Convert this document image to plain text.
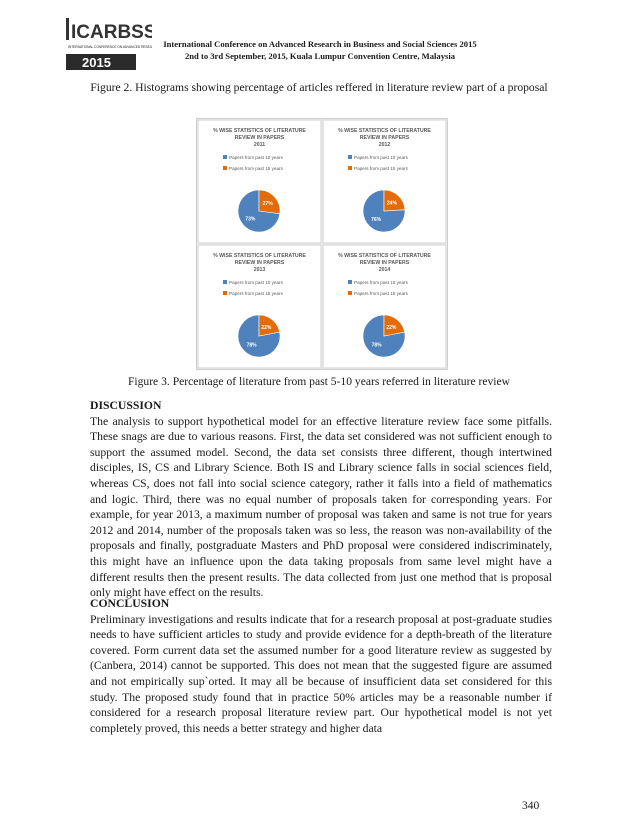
ICARBSS
INTERNATIONAL CONFERENCE ON ADVANCED RESEA
2015
International Conference on Advanced Research in Business and Social Sciences 2015
2nd to 3rd September, 2015, Kuala Lumpur Convention Centre, Malaysia
Figure 2. Histograms showing percentage of articles reffered in literature review part of a proposal
% WISE STATISTICS OF LITERATURE
REVIEW IN PAPERS
2011
Papers from past 10 years
Papers from past 15 years
73%
27%
% WISE STATISTICS OF LITERATURE
REVIEW IN PAPERS
2012
Papers from past 10 years
Papers from past 15 years
76%
24%
% WISE STATISTICS OF LITERATURE
REVIEW IN PAPERS
2013
Papers from past 10 years
Papers from past 15 years
78%
22%
% WISE STATISTICS OF LITERATURE
REVIEW IN PAPERS
2014
Papers from past 10 years
Papers from past 15 years
78%
22%
Figure 3. Percentage of literature from past 5-10 years referred in literature review
DISCUSSION

The analysis to support hypothetical model for an effective literature review face some pitfalls. These snags are due to various reasons. First, the data set considered was not sufficient enough to support the assumed model. Second, the data set consists three different, though intertwined disciples, IS, CS and Library Science. Both IS and Library science falls in social sciences field, whereas CS, does not fall into social science category, rather it falls into a field of mathematics and logic. Third, there was no equal number of proposals taken for corresponding years. For example, for year 2013, a maximum number of proposal was taken and same is not true for years 2012 and 2014, number of the proposals taken was so less, the reason was non-availability of the proposals and finally, postgraduate Masters and PhD proposal were considered indiscriminately, this might have an influence upon the data taking proposals from same level might have a different results then the present results. The data collected from just one method that is proposal only might have effect on the results.

CONCLUSION

Preliminary investigations and results indicate that for a research proposal at post-graduate studies needs to have sufficient articles to study and provide evidence for a depth-breath of the literature covered. Form current data set the assumed number for a good literature review as suggested by (Canbera, 2014) cannot be supported. This does not mean that the suggested figure are assumed and not empirically sup`orted. It may all be because of insufficient data set considered for this study. The proposed study found that in practice 50% articles may be a reasonable number if considered for a research proposal literature review part. Our hypothetical model is not yet completely proved, this needs a better strategy and higher data

340
